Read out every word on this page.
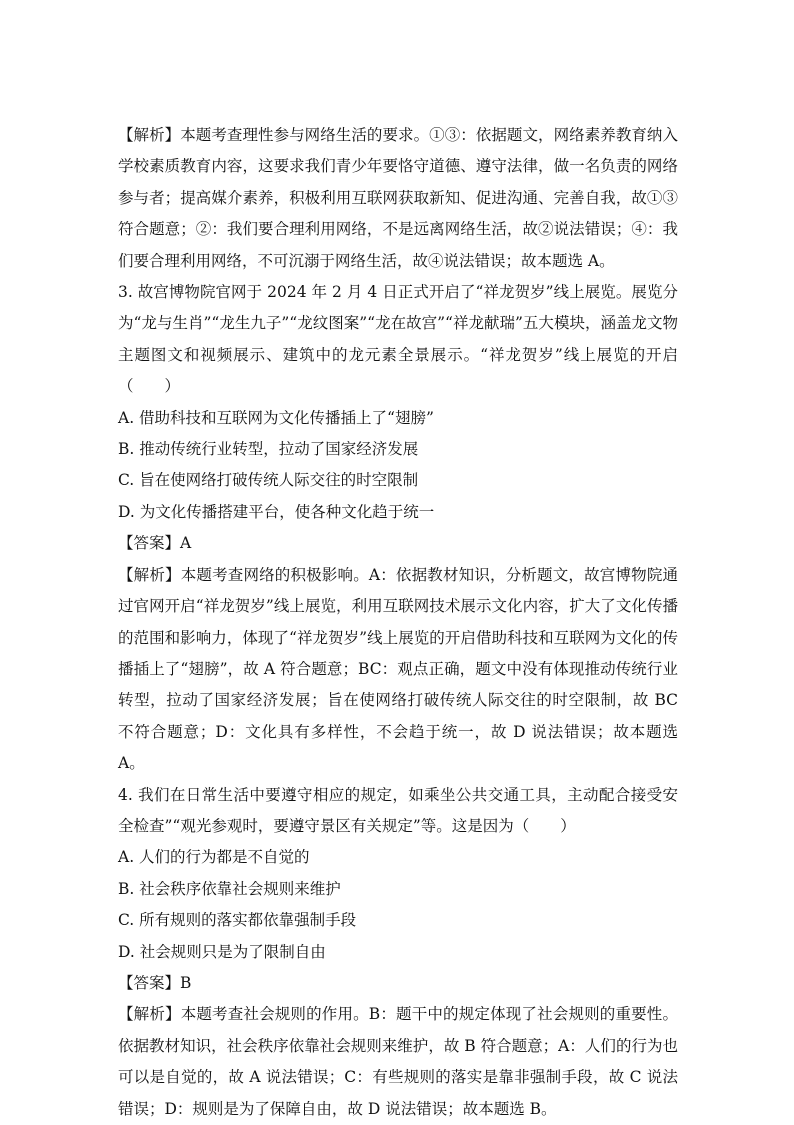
【解析】本题考查理性参与网络生活的要求。①③：依据题文，网络素养教育纳入学校素质教育内容，这要求我们青少年要恪守道德、遵守法律，做一名负责的网络参与者；提高媒介素养，积极利用互联网获取新知、促进沟通、完善自我，故①③符合题意；②：我们要合理利用网络，不是远离网络生活，故②说法错误；④：我们要合理利用网络，不可沉溺于网络生活，故④说法错误；故本题选 A。

3. 故宫博物院官网于 2024 年 2 月 4 日正式开启了“祥龙贺岁”线上展览。展览分为“龙与生肖”“龙生九子”“龙纹图案”“龙在故宫”“祥龙献瑞”五大模块，涵盖龙文物主题图文和视频展示、建筑中的龙元素全景展示。“祥龙贺岁”线上展览的开启（　　）

A. 借助科技和互联网为文化传播插上了“翅膀”

B. 推动传统行业转型，拉动了国家经济发展

C. 旨在使网络打破传统人际交往的时空限制

D. 为文化传播搭建平台，使各种文化趋于统一

【答案】A

【解析】本题考查网络的积极影响。A：依据教材知识，分析题文，故宫博物院通过官网开启“祥龙贺岁”线上展览，利用互联网技术展示文化内容，扩大了文化传播的范围和影响力，体现了“祥龙贺岁”线上展览的开启借助科技和互联网为文化的传播插上了“翅膀”，故 A 符合题意；BC：观点正确，题文中没有体现推动传统行业转型，拉动了国家经济发展；旨在使网络打破传统人际交往的时空限制，故 BC 不符合题意；D：文化具有多样性，不会趋于统一，故 D 说法错误；故本题选 A。

4. 我们在日常生活中要遵守相应的规定，如乘坐公共交通工具，主动配合接受安全检查”“观光参观时，要遵守景区有关规定”等。这是因为（　　）

A. 人们的行为都是不自觉的

B. 社会秩序依靠社会规则来维护

C. 所有规则的落实都依靠强制手段

D. 社会规则只是为了限制自由

【答案】B

【解析】本题考查社会规则的作用。B：题干中的规定体现了社会规则的重要性。依据教材知识，社会秩序依靠社会规则来维护，故 B 符合题意；A：人们的行为也可以是自觉的，故 A 说法错误；C：有些规则的落实是靠非强制手段，故 C 说法错误；D：规则是为了保障自由，故 D 说法错误；故本题选 B。
